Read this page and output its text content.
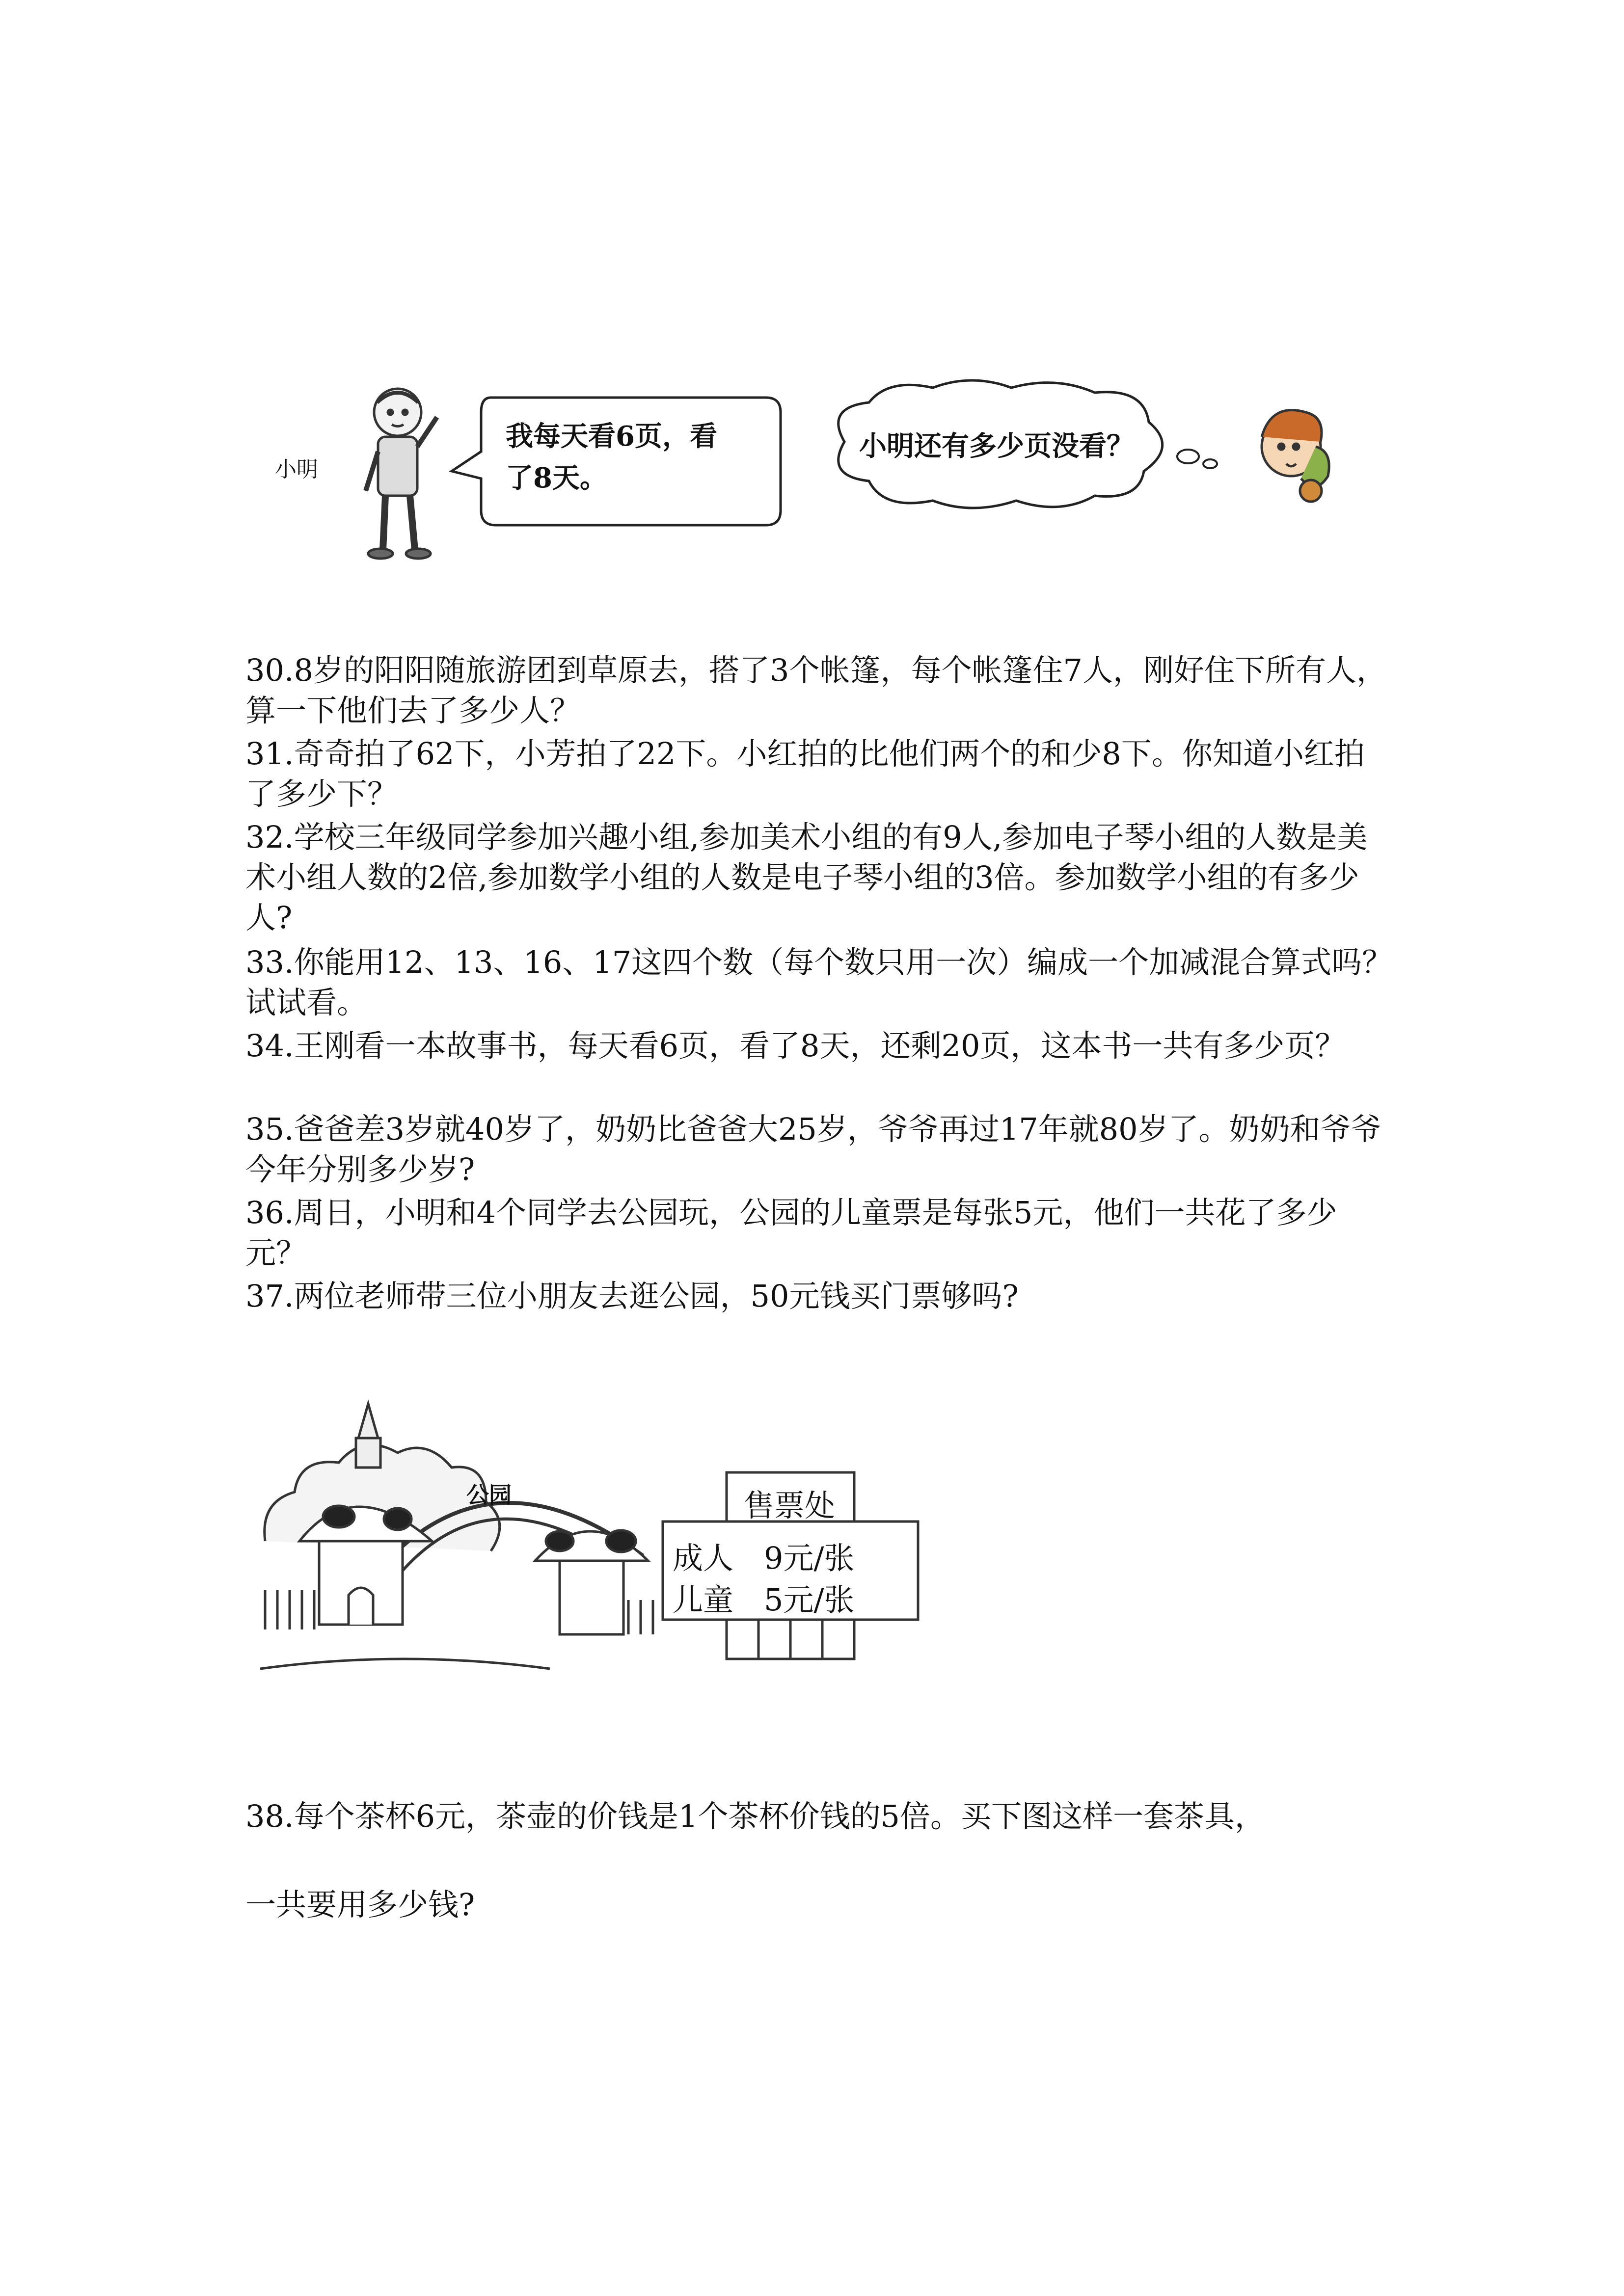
小明
我每天看6页，看
了8天。
小明还有多少页没看？

30.8岁的阳阳随旅游团到草原去，搭了3个帐篷，每个帐篷住7人，刚好住下所有人，算一下他们去了多少人？

31.奇奇拍了62下，小芳拍了22下。小红拍的比他们两个的和少8下。你知道小红拍了多少下？

32.学校三年级同学参加兴趣小组,参加美术小组的有9人,参加电子琴小组的人数是美术小组人数的2倍,参加数学小组的人数是电子琴小组的3倍。参加数学小组的有多少人?

33.你能用12、13、16、17这四个数（每个数只用一次）编成一个加减混合算式吗？试试看。

34.王刚看一本故事书，每天看6页，看了8天，还剩20页，这本书一共有多少页？

35.爸爸差3岁就40岁了，奶奶比爸爸大25岁，爷爷再过17年就80岁了。奶奶和爷爷今年分别多少岁?

36.周日，小明和4个同学去公园玩，公园的儿童票是每张5元，他们一共花了多少元？

37.两位老师带三位小朋友去逛公园，50元钱买门票够吗?

公园	售票处
成人　9元/张
儿童　5元/张

38.每个茶杯6元，茶壶的价钱是1个茶杯价钱的5倍。买下图这样一套茶具，

一共要用多少钱?
